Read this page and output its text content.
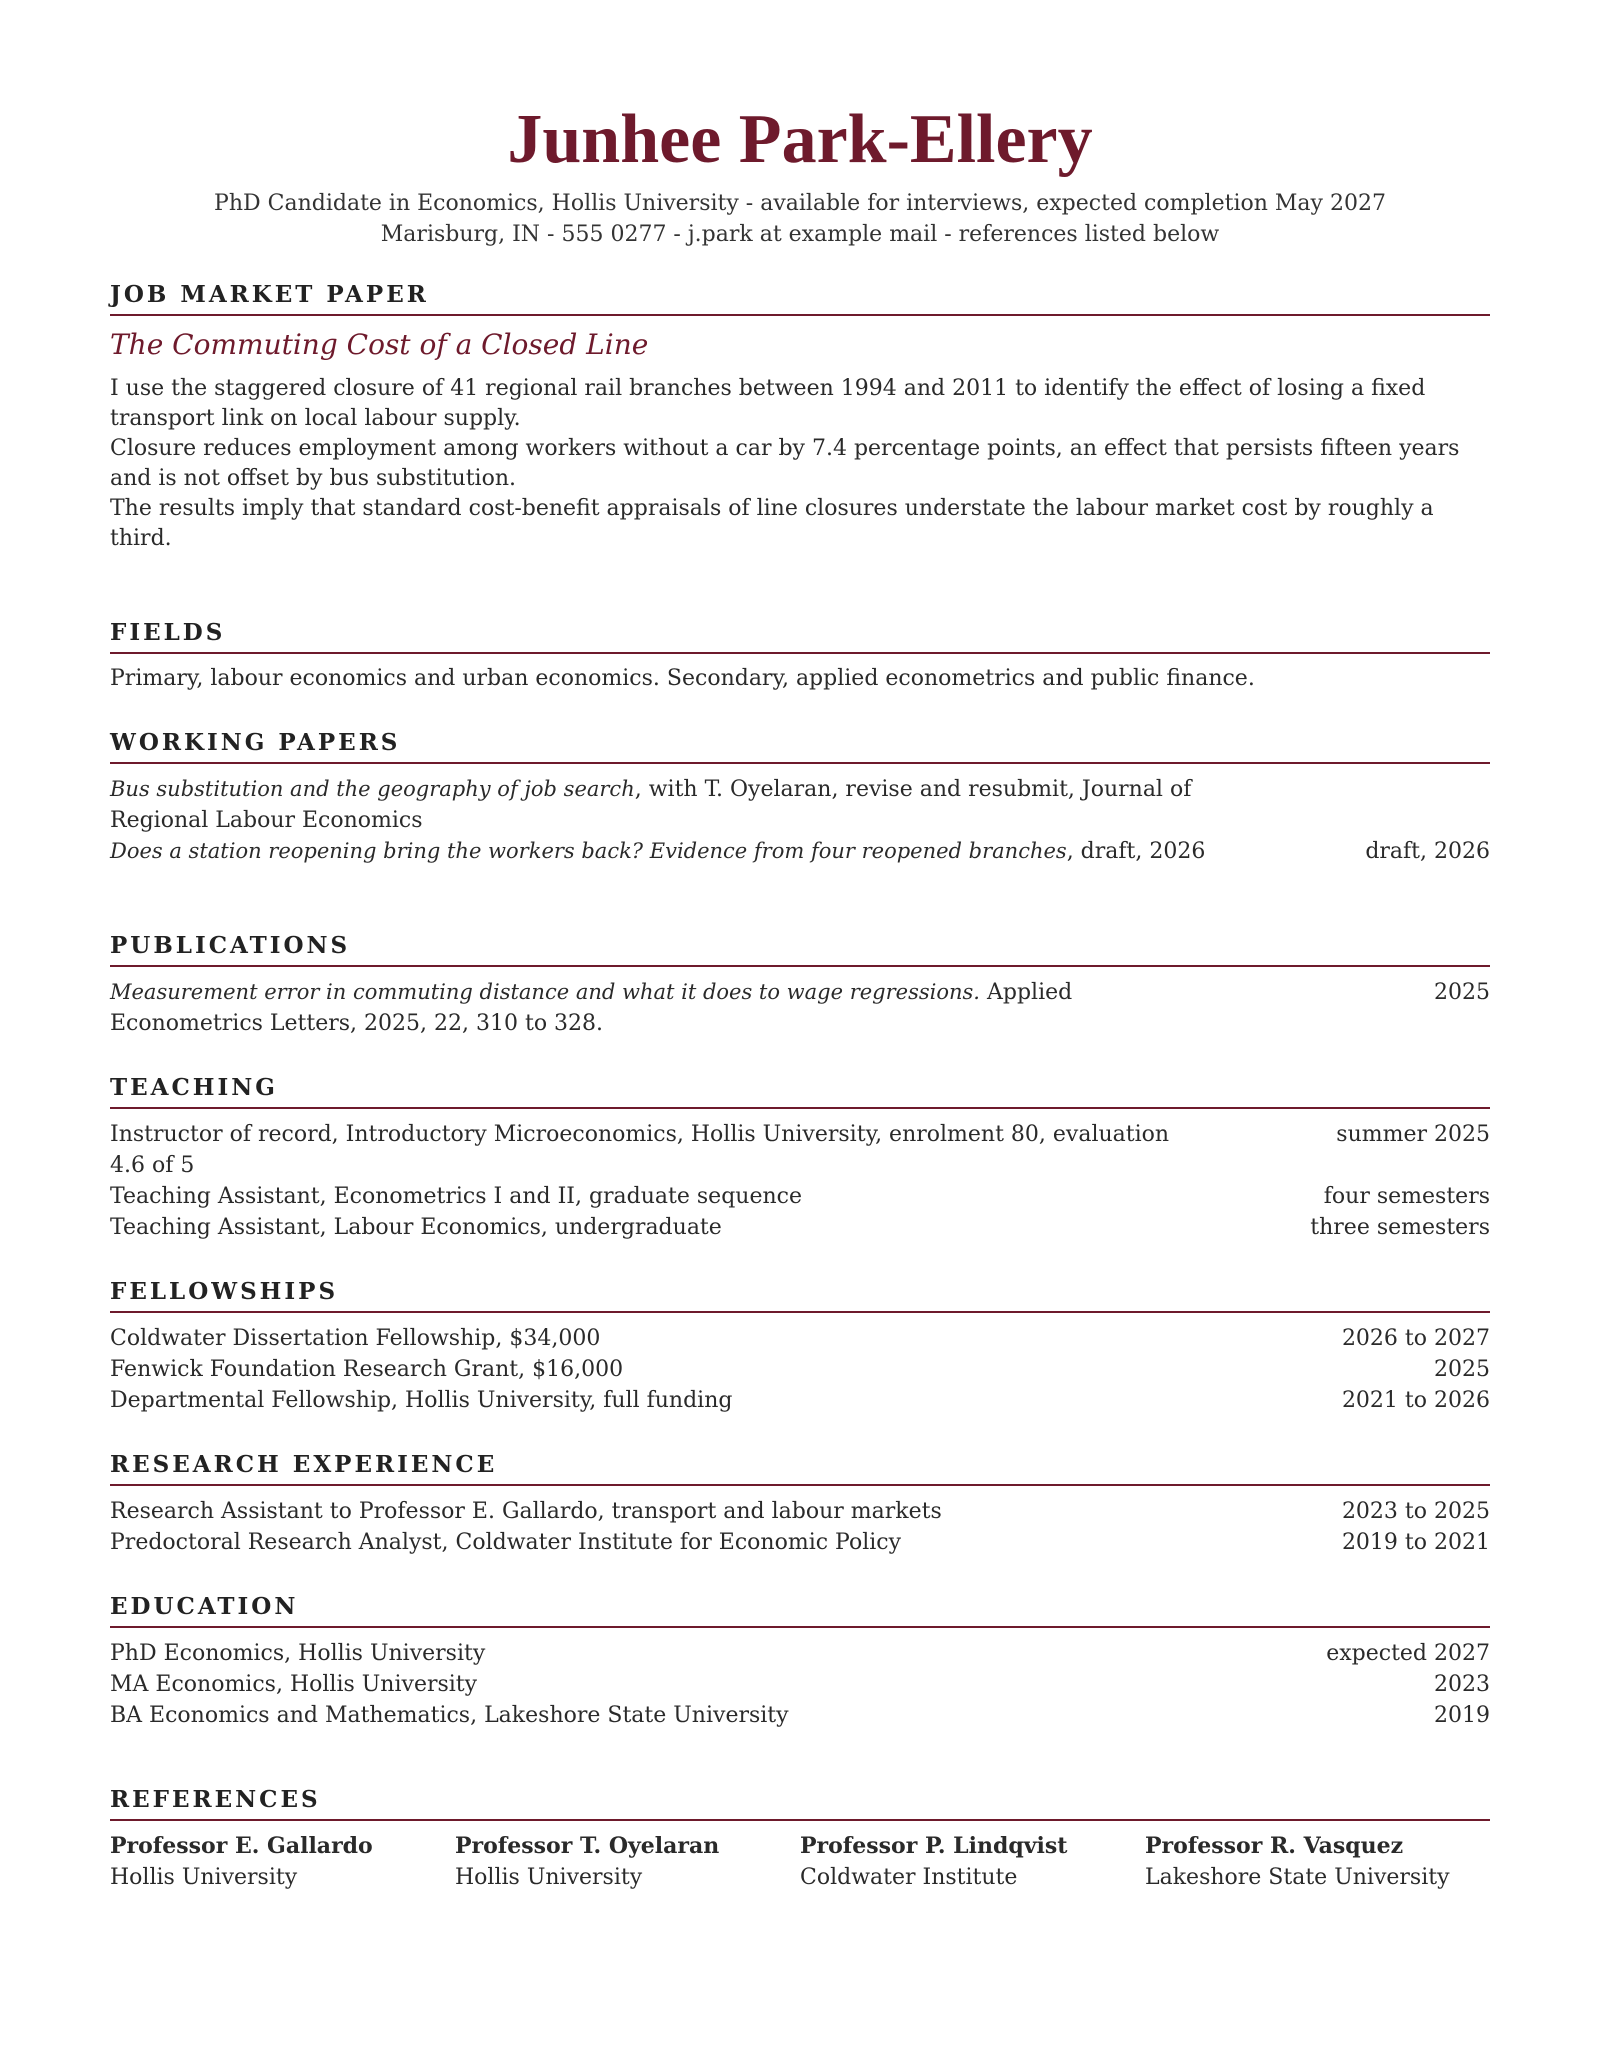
Junhee Park-Ellery

PhD Candidate in Economics, Hollis University - available for interviews, expected completion May 2027

Marisburg, IN - 555 0277 - j.park at example mail - references listed below

JOB MARKET PAPER
The Commuting Cost of a Closed Line

I use the staggered closure of 41 regional rail branches between 1994 and 2011 to identify the effect of losing a fixed transport link on local labour supply.

Closure reduces employment among workers without a car by 7.4 percentage points, an effect that persists fifteen years and is not offset by bus substitution.

The results imply that standard cost-benefit appraisals of line closures understate the labour market cost by roughly a third.

FIELDS

Primary, labour economics and urban economics. Secondary, applied econometrics and public finance.

WORKING PAPERS
Bus substitution and the geography of job search, with T. Oyelaran, revise and resubmit, Journal of Regional Labour Economics
Does a station reopening bring the workers back? Evidence from four reopened branches, draft, 2026	draft, 2026
PUBLICATIONS
Measurement error in commuting distance and what it does to wage regressions. Applied Econometrics Letters, 2025, 22, 310 to 328.
2025
TEACHING
Instructor of record, Introductory Microeconomics, Hollis University, enrolment 80, evaluation 4.6 of 5
summer 2025
Teaching Assistant, Econometrics I and II, graduate sequence	four semesters
Teaching Assistant, Labour Economics, undergraduate	three semesters
FELLOWSHIPS
Coldwater Dissertation Fellowship, $34,000	2026 to 2027
Fenwick Foundation Research Grant, $16,000	2025
Departmental Fellowship, Hollis University, full funding	2021 to 2026
RESEARCH EXPERIENCE
Research Assistant to Professor E. Gallardo, transport and labour markets	2023 to 2025
Predoctoral Research Analyst, Coldwater Institute for Economic Policy	2019 to 2021
EDUCATION
PhD Economics, Hollis University	expected 2027
MA Economics, Hollis University	2023
BA Economics and Mathematics, Lakeshore State University	2019
REFERENCES
Professor E. Gallardo
Hollis University
Professor T. Oyelaran
Hollis University
Professor P. Lindqvist
Coldwater Institute
Professor R. Vasquez
Lakeshore State University
